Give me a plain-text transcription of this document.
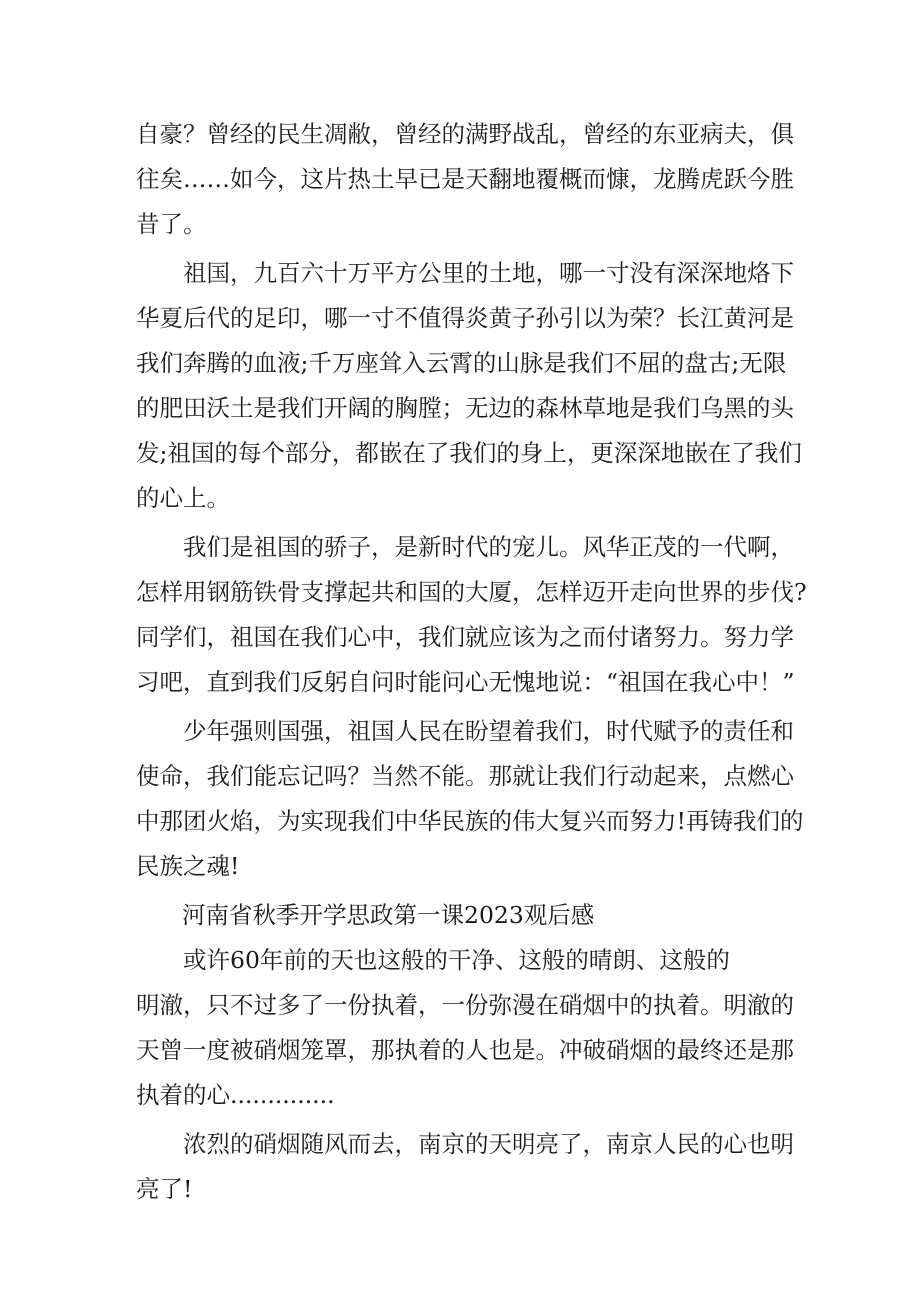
自豪？曾经的民生凋敝，曾经的满野战乱，曾经的东亚病夫，俱
往矣……如今，这片热土早已是天翻地覆概而慷，龙腾虎跃今胜
昔了。
　　祖国，九百六十万平方公里的土地，哪一寸没有深深地烙下
华夏后代的足印，哪一寸不值得炎黄子孙引以为荣？长江黄河是
我们奔腾的血液;千万座耸入云霄的山脉是我们不屈的盘古;无限
的肥田沃土是我们开阔的胸膛；无边的森林草地是我们乌黑的头
发;祖国的每个部分，都嵌在了我们的身上，更深深地嵌在了我们
的心上。
　　我们是祖国的骄子，是新时代的宠儿。风华正茂的一代啊，
怎样用钢筋铁骨支撑起共和国的大厦，怎样迈开走向世界的步伐?
同学们，祖国在我们心中，我们就应该为之而付诸努力。努力学
习吧，直到我们反躬自问时能问心无愧地说：“祖国在我心中！”
　　少年强则国强，祖国人民在盼望着我们，时代赋予的责任和
使命，我们能忘记吗？当然不能。那就让我们行动起来，点燃心
中那团火焰，为实现我们中华民族的伟大复兴而努力!再铸我们的
民族之魂!
河南省秋季开学思政第一课2023观后感
　　或许60年前的天也这般的干净、这般的晴朗、这般的
明澈，只不过多了一份执着，一份弥漫在硝烟中的执着。明澈的
天曾一度被硝烟笼罩，那执着的人也是。冲破硝烟的最终还是那
执着的心..............
　　浓烈的硝烟随风而去，南京的天明亮了，南京人民的心也明
亮了!
